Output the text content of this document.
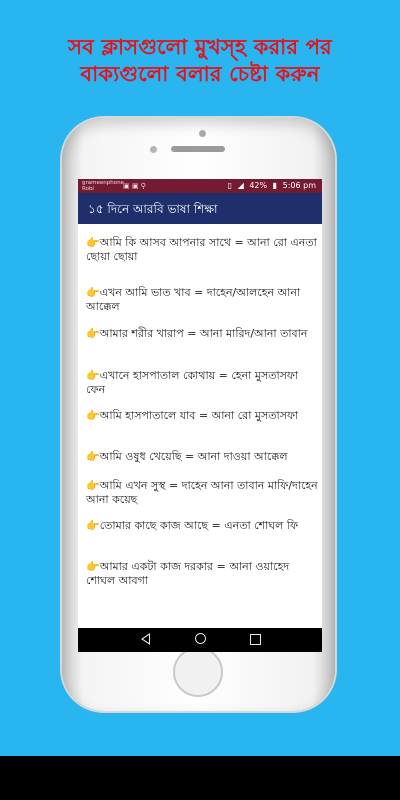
সব ক্লাসগুলো মুখস্হ করার পর
বাক্যগুলো বলার চেষ্টা করুন
grameenphone
Robi	▣ ▣ ⚲	▯ ◢ 42% ▮ 5:06 pm
১৫ দিনে আরবি ভাষা শিক্ষা
👉আমি কি আসব আপনার সাথে = আনা রো এনতা ছোয়া ছোয়া
👉এখন আমি ভাত খাব = দাহেন/আলহেন আনা আক্কেল
👉আমার শরীর খারাপ = আনা মারিদ/আনা তাবান
👉এখানে হাসপাতাল কোথায় = হেনা মুসতাসফা ফেন
👉আমি হাসপাতালে যাব = আনা রো মুসতাসফা
👉আমি ওষুধ খেয়েছি = আনা দাওয়া আক্কেল
👉আমি এখন সুস্থ = দাহেন আনা তাবান মাফি/দাহেন আনা কয়েছ
👉তোমার কাছে কাজ আছে = এনতা শোঘল ফি
👉আমার একটা কাজ দরকার = আনা ওয়াহেদ শোঘল আবগা
